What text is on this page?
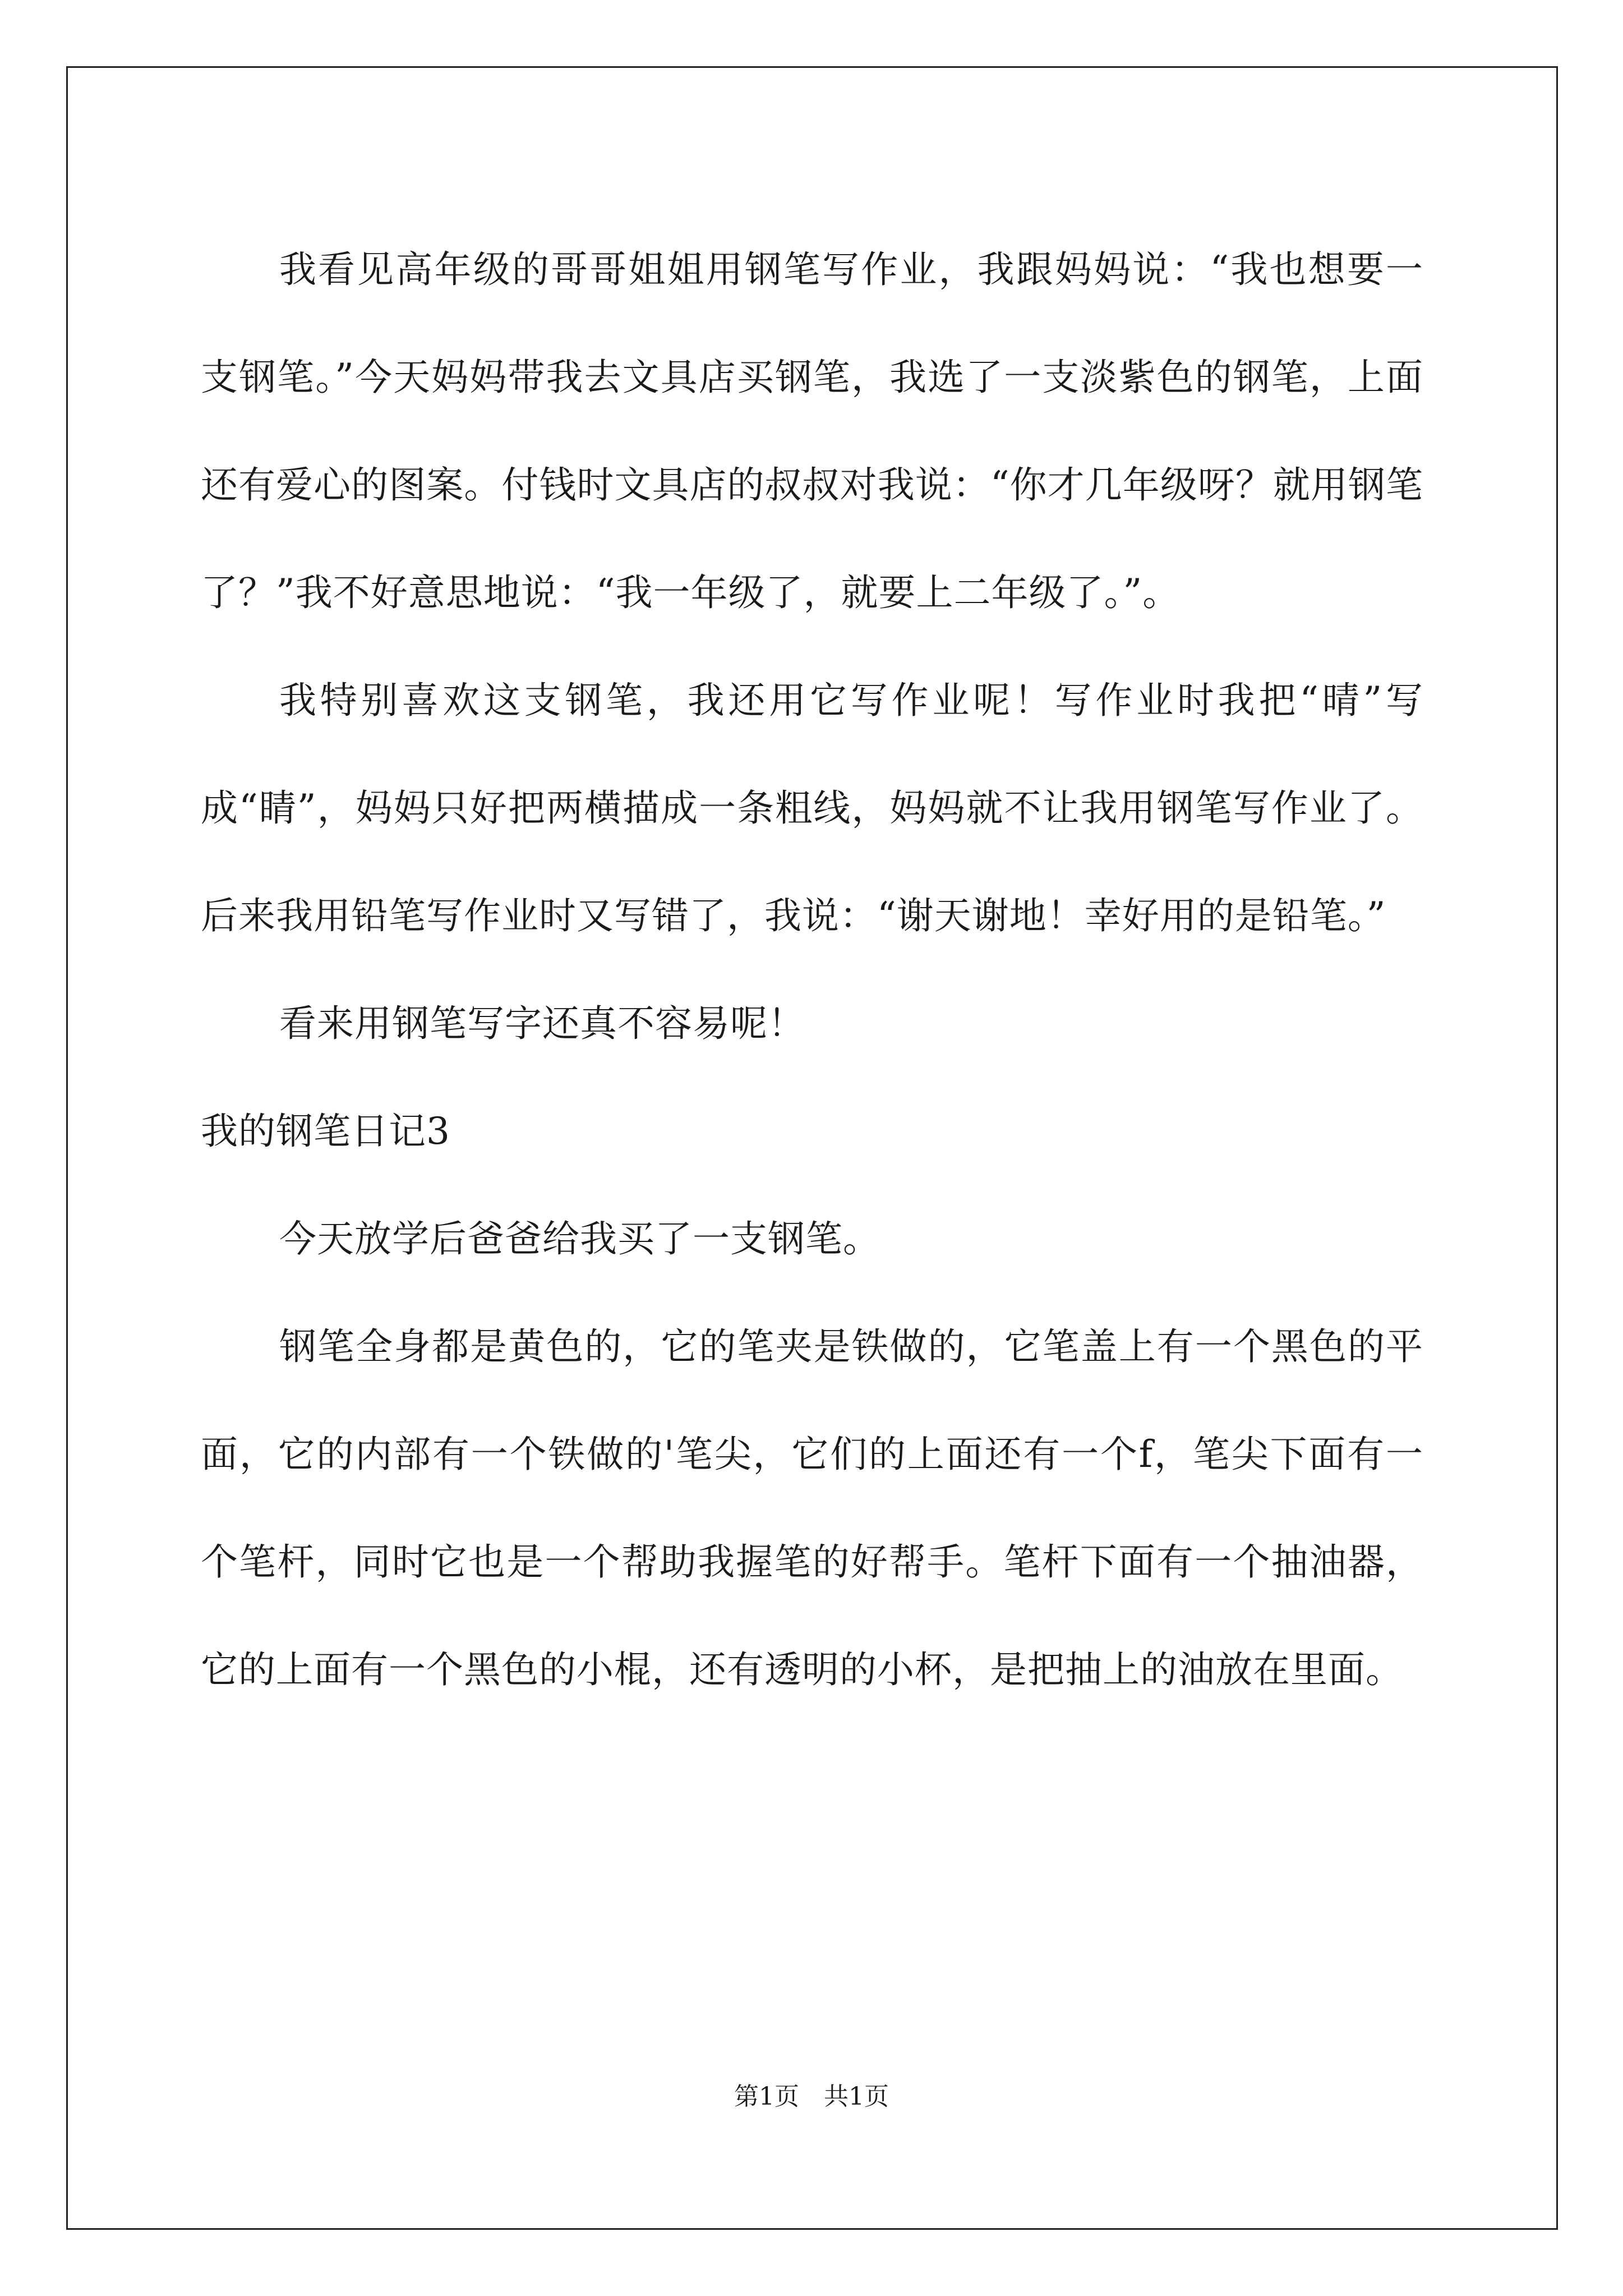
我看见高年级的哥哥姐姐用钢笔写作业，我跟妈妈说：“我也想要一支钢笔。”今天妈妈带我去文具店买钢笔，我选了一支淡紫色的钢笔，上面还有爱心的图案。付钱时文具店的叔叔对我说：“你才几年级呀？就用钢笔了？”我不好意思地说：“我一年级了，就要上二年级了。”。

我特别喜欢这支钢笔，我还用它写作业呢！写作业时我把“晴”写成“睛”，妈妈只好把两横描成一条粗线，妈妈就不让我用钢笔写作业了。后来我用铅笔写作业时又写错了，我说：“谢天谢地！幸好用的是铅笔。”

看来用钢笔写字还真不容易呢！

我的钢笔日记3

今天放学后爸爸给我买了一支钢笔。

钢笔全身都是黄色的，它的笔夹是铁做的，它笔盖上有一个黑色的平面，它的内部有一个铁做的'笔尖，它们的上面还有一个f，笔尖下面有一个笔杆，同时它也是一个帮助我握笔的好帮手。笔杆下面有一个抽油器，它的上面有一个黑色的小棍，还有透明的小杯，是把抽上的油放在里面。

第1页　共1页
